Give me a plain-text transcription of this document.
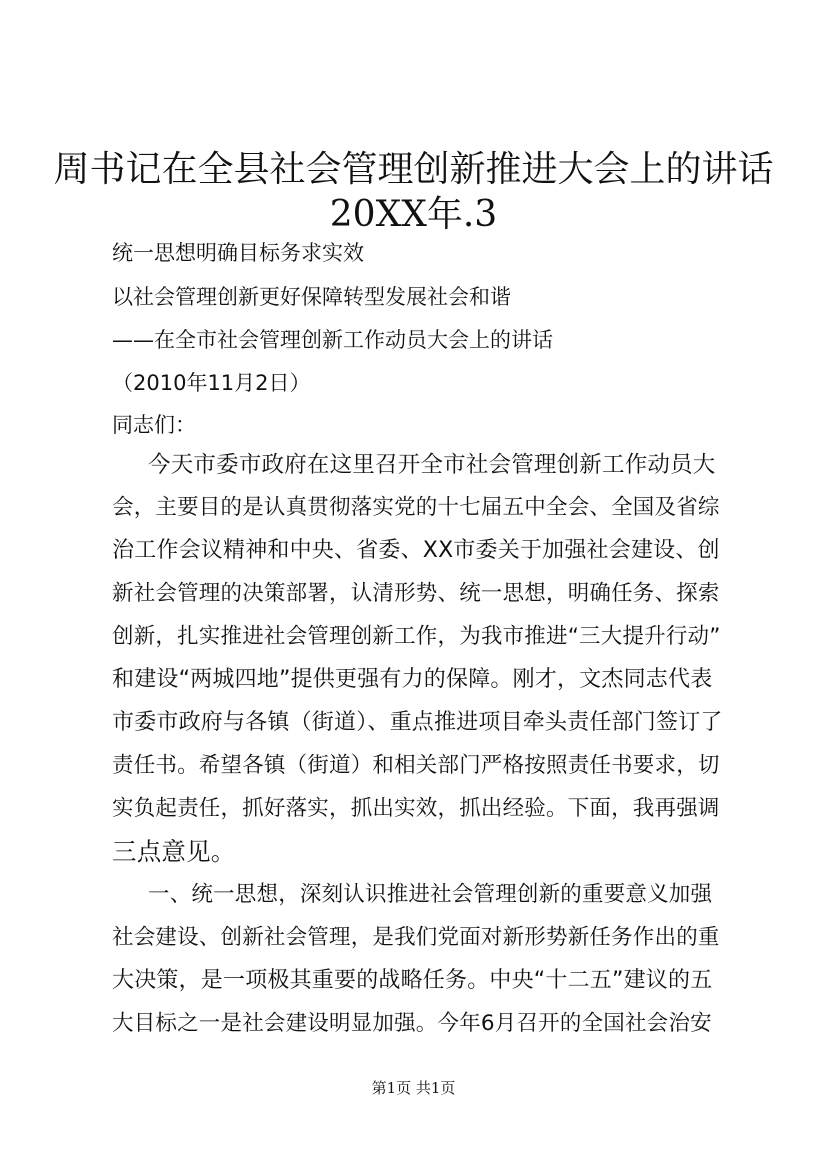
周书记在全县社会管理创新推进大会上的讲话
20XX年.3
统一思想明确目标务求实效
以社会管理创新更好保障转型发展社会和谐
——在全市社会管理创新工作动员大会上的讲话
（2010年11月2日）
同志们：
今天市委市政府在这里召开全市社会管理创新工作动员大
会，主要目的是认真贯彻落实党的十七届五中全会、全国及省综
治工作会议精神和中央、省委、XX市委关于加强社会建设、创
新社会管理的决策部署，认清形势、统一思想，明确任务、探索
创新，扎实推进社会管理创新工作，为我市推进“三大提升行动”
和建设“两城四地”提供更强有力的保障。刚才，文杰同志代表
市委市政府与各镇（街道）、重点推进项目牵头责任部门签订了
责任书。希望各镇（街道）和相关部门严格按照责任书要求，切
实负起责任，抓好落实，抓出实效，抓出经验。下面，我再强调
三点意见。
一、统一思想，深刻认识推进社会管理创新的重要意义加强
社会建设、创新社会管理，是我们党面对新形势新任务作出的重
大决策，是一项极其重要的战略任务。中央“十二五”建议的五
大目标之一是社会建设明显加强。今年6月召开的全国社会治安
第1页 共1页
